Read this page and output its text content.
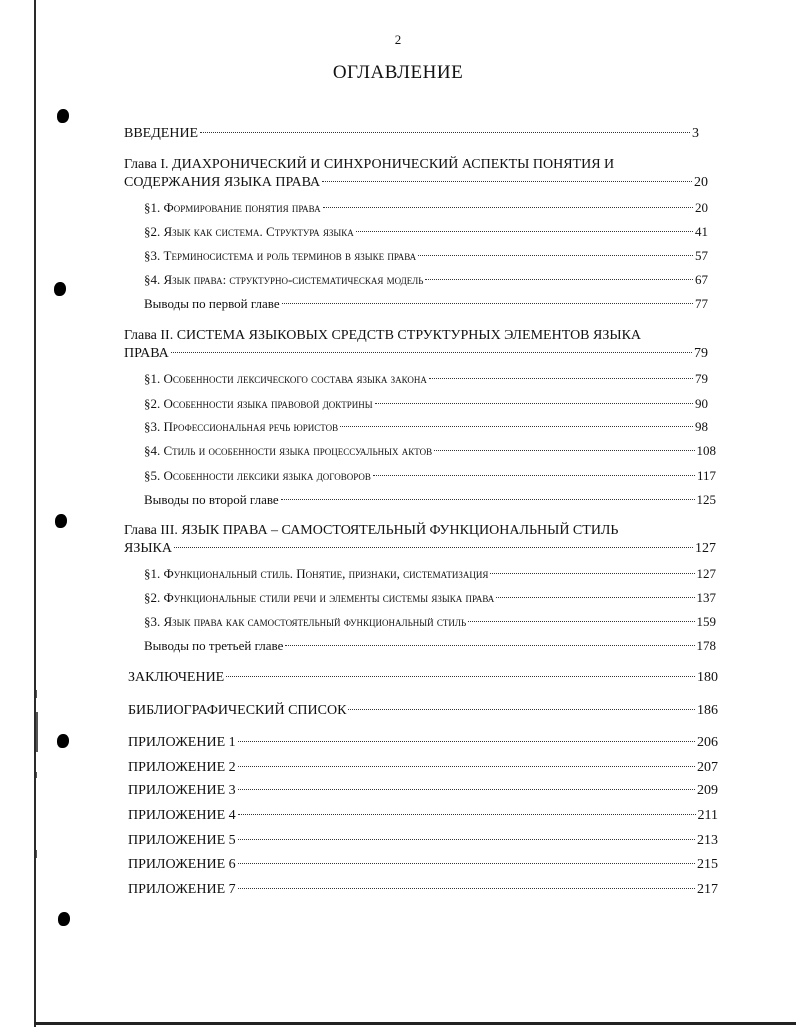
2
ОГЛАВЛЕНИЕ
ВВЕДЕНИЕ	3
Глава I. ДИАХРОНИЧЕСКИЙ И СИНХРОНИЧЕСКИЙ АСПЕКТЫ ПОНЯТИЯ И
СОДЕРЖАНИЯ ЯЗЫКА ПРАВА	20
§1. Формирование понятия права	20
§2. Язык как система. Структура языка	41
§3. Терминосистема и роль терминов в языке права	57
§4. Язык права: структурно-систематическая модель	67
Выводы по первой главе	77
Глава II. СИСТЕМА ЯЗЫКОВЫХ СРЕДСТВ СТРУКТУРНЫХ ЭЛЕМЕНТОВ ЯЗЫКА
ПРАВА	79
§1. Особенности лексического состава языка закона	79
§2. Особенности языка правовой доктрины	90
§3. Профессиональная речь юристов	98
§4. Стиль и особенности языка процессуальных актов	108
§5. Особенности лексики языка договоров	117
Выводы по второй главе	125
Глава III. ЯЗЫК ПРАВА – САМОСТОЯТЕЛЬНЫЙ ФУНКЦИОНАЛЬНЫЙ СТИЛЬ
ЯЗЫКА	127
§1. Функциональный стиль. Понятие, признаки, систематизация	127
§2. Функциональные стили речи и элементы системы языка права	137
§3. Язык права как самостоятельный функциональный стиль	159
Выводы по третьей главе	178
ЗАКЛЮЧЕНИЕ	180
БИБЛИОГРАФИЧЕСКИЙ СПИСОК	186
ПРИЛОЖЕНИЕ 1	206
ПРИЛОЖЕНИЕ 2	207
ПРИЛОЖЕНИЕ 3	209
ПРИЛОЖЕНИЕ 4	211
ПРИЛОЖЕНИЕ 5	213
ПРИЛОЖЕНИЕ 6	215
ПРИЛОЖЕНИЕ 7	217
